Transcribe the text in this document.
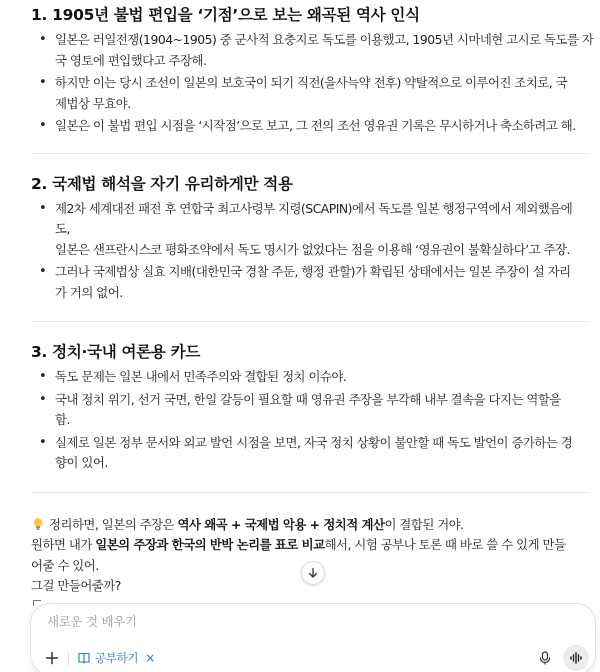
1. 1905년 불법 편입을 ‘기점’으로 보는 왜곡된 역사 인식
• 일본은 러일전쟁(1904~1905) 중 군사적 요충지로 독도를 이용했고, 1905년 시마네현 고시로 독도를 자
국 영토에 편입했다고 주장해.
• 하지만 이는 당시 조선이 일본의 보호국이 되기 직전(을사늑약 전후) 약탈적으로 이루어진 조치로, 국
제법상 무효야.
• 일본은 이 불법 편입 시점을 ‘시작점’으로 보고, 그 전의 조선 영유권 기록은 무시하거나 축소하려고 해.
2. 국제법 해석을 자기 유리하게만 적용
• 제2차 세계대전 패전 후 연합국 최고사령부 지령(SCAPIN)에서 독도를 일본 행정구역에서 제외했음에
도,
일본은 샌프란시스코 평화조약에서 독도 명시가 없었다는 점을 이용해 ‘영유권이 불확실하다’고 주장.
• 그러나 국제법상 실효 지배(대한민국 경찰 주둔, 행정 관할)가 확립된 상태에서는 일본 주장이 설 자리
가 거의 없어.
3. 정치·국내 여론용 카드
• 독도 문제는 일본 내에서 민족주의와 결합된 정치 이슈야.
• 국내 정치 위기, 선거 국면, 한일 갈등이 필요할 때 영유권 주장을 부각해 내부 결속을 다지는 역할을
함.
• 실제로 일본 정부 문서와 외교 발언 시점을 보면, 자국 정치 상황이 불안할 때 독도 발언이 증가하는 경
향이 있어.
정리하면, 일본의 주장은 역사 왜곡 + 국제법 악용 + 정치적 계산이 결합된 거야.
원하면 내가 일본의 주장과 한국의 반박 논리를 표로 비교해서, 시험 공부나 토론 때 바로 쓸 수 있게 만들
어줄 수 있어.
그걸 만들어줄까?
새로운 것 배우기
공부하기 ×
